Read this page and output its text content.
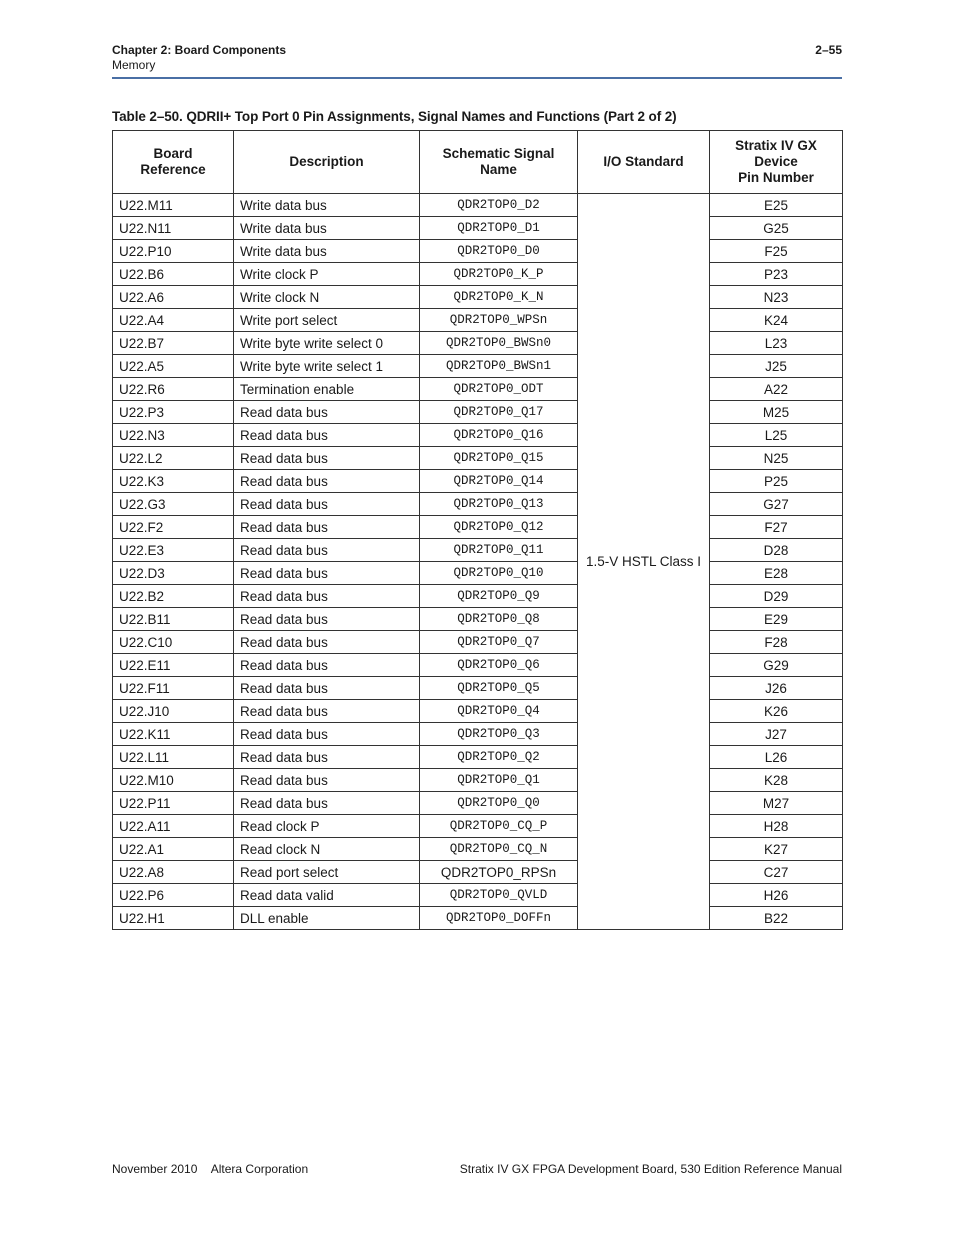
Chapter 2: Board Components
Memory
2–55
Table 2–50. QDRII+ Top Port 0 Pin Assignments, Signal Names and Functions (Part 2 of 2)
Board Reference	Description	Schematic Signal Name	I/O Standard	Stratix IV GX
Device
Pin Number
U22.M11	Write data bus	QDR2TOP0_D2	1.5-V HSTL Class I	E25
U22.N11	Write data bus	QDR2TOP0_D1		G25
U22.P10	Write data bus	QDR2TOP0_D0		F25
U22.B6	Write clock P	QDR2TOP0_K_P		P23
U22.A6	Write clock N	QDR2TOP0_K_N		N23
U22.A4	Write port select	QDR2TOP0_WPSn		K24
U22.B7	Write byte write select 0	QDR2TOP0_BWSn0		L23
U22.A5	Write byte write select 1	QDR2TOP0_BWSn1		J25
U22.R6	Termination enable	QDR2TOP0_ODT		A22
U22.P3	Read data bus	QDR2TOP0_Q17		M25
U22.N3	Read data bus	QDR2TOP0_Q16		L25
U22.L2	Read data bus	QDR2TOP0_Q15		N25
U22.K3	Read data bus	QDR2TOP0_Q14		P25
U22.G3	Read data bus	QDR2TOP0_Q13		G27
U22.F2	Read data bus	QDR2TOP0_Q12		F27
U22.E3	Read data bus	QDR2TOP0_Q11		D28
U22.D3	Read data bus	QDR2TOP0_Q10		E28
U22.B2	Read data bus	QDR2TOP0_Q9		D29
U22.B11	Read data bus	QDR2TOP0_Q8		E29
U22.C10	Read data bus	QDR2TOP0_Q7		F28
U22.E11	Read data bus	QDR2TOP0_Q6		G29
U22.F11	Read data bus	QDR2TOP0_Q5		J26
U22.J10	Read data bus	QDR2TOP0_Q4		K26
U22.K11	Read data bus	QDR2TOP0_Q3		J27
U22.L11	Read data bus	QDR2TOP0_Q2		L26
U22.M10	Read data bus	QDR2TOP0_Q1		K28
U22.P11	Read data bus	QDR2TOP0_Q0		M27
U22.A11	Read clock P	QDR2TOP0_CQ_P		H28
U22.A1	Read clock N	QDR2TOP0_CQ_N		K27
U22.A8	Read port select	QDR2TOP0_RPSn		C27
U22.P6	Read data valid	QDR2TOP0_QVLD		H26
U22.H1	DLL enable	QDR2TOP0_DOFFn		B22
November 2010 Altera Corporation	Stratix IV GX FPGA Development Board, 530 Edition Reference Manual
